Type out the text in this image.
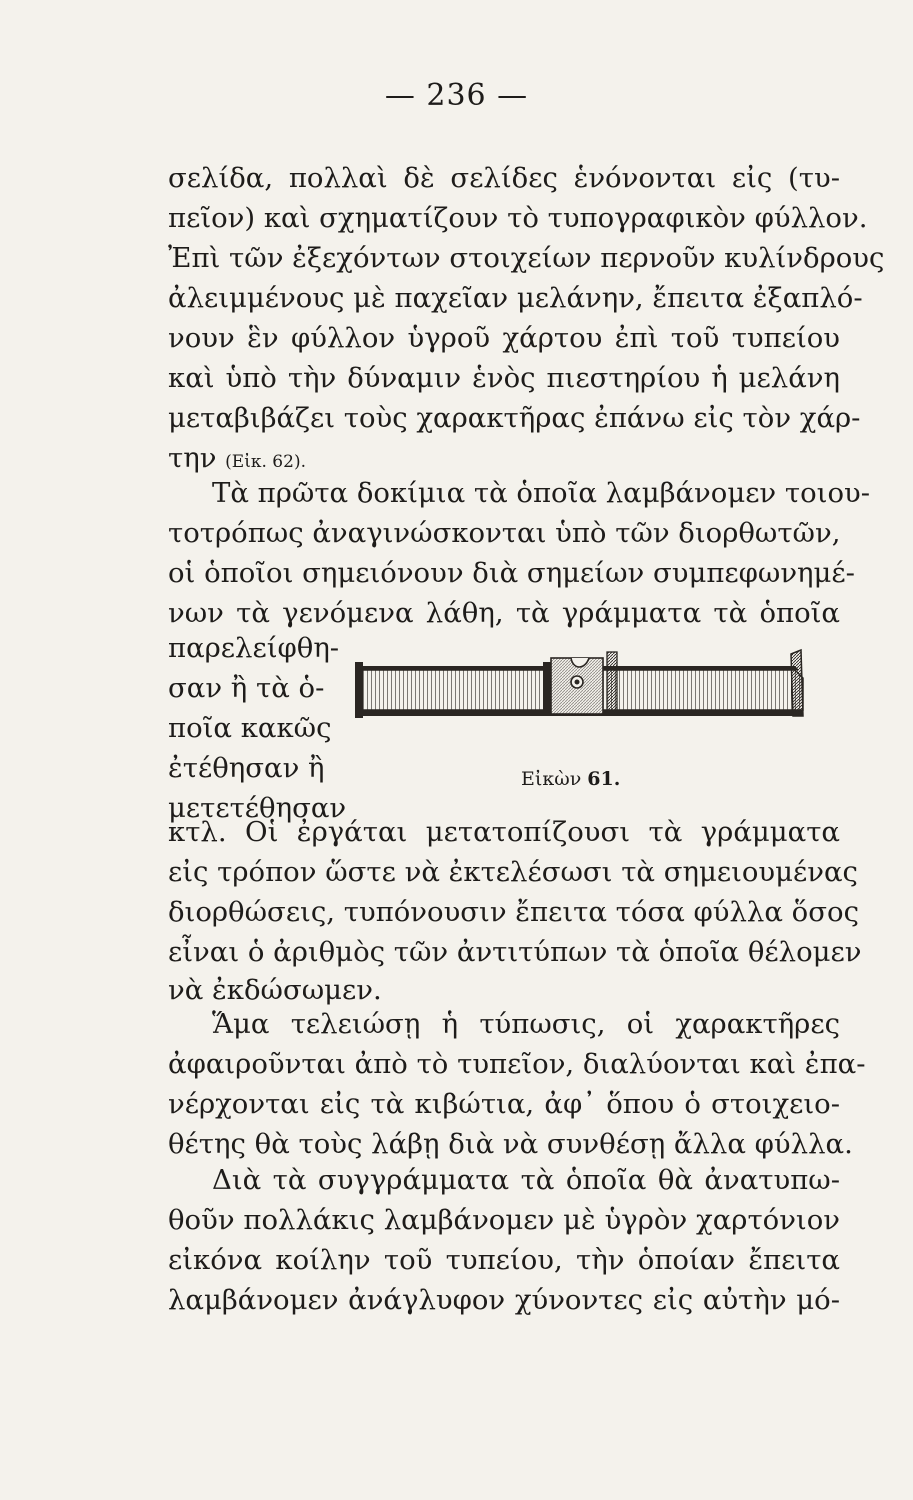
— 236 —
σελίδα, πολλαὶ δὲ σελίδες ἑνόνονται εἰς (τυ-
πεῖον) καὶ σχηματίζουν τὸ τυπογραφικὸν φύλλον.
Ἐπὶ τῶν ἐξεχόντων στοιχείων περνοῦν κυλίνδρους
ἀλειμμένους μὲ παχεῖαν μελάνην, ἔπειτα ἐξαπλό-
νουν ἓν φύλλον ὑγροῦ χάρτου ἐπὶ τοῦ τυπείου
καὶ ὑπὸ τὴν δύναμιν ἑνὸς πιεστηρίου ἡ μελάνη
μεταβιβάζει τοὺς χαρακτῆρας ἐπάνω εἰς τὸν χάρ-
την (Εἰκ. 62).
Τὰ πρῶτα δοκίμια τὰ ὁποῖα λαμβάνομεν τοιου-
τοτρόπως ἀναγινώσκονται ὑπὸ τῶν διορθωτῶν,
οἱ ὁποῖοι σημειόνουν διὰ σημείων συμπεφωνημέ-
νων τὰ γενόμενα λάθη, τὰ γράμματα τὰ ὁποῖα
παρελείφθη-
σαν ἢ τὰ ὁ-
ποῖα κακῶς
ἐτέθησαν ἢ
μετετέθησαν
Εἰκὼν 61.
κτλ. Οἱ ἐργάται μετατοπίζουσι τὰ γράμματα
εἰς τρόπον ὥστε νὰ ἐκτελέσωσι τὰ σημειουμένας
διορθώσεις, τυπόνουσιν ἔπειτα τόσα φύλλα ὅσος
εἶναι ὁ ἀριθμὸς τῶν ἀντιτύπων τὰ ὁποῖα θέλομεν
νὰ ἐκδώσωμεν.
Ἅμα τελειώσῃ ἡ τύπωσις, οἱ χαρακτῆρες
ἀφαιροῦνται ἀπὸ τὸ τυπεῖον, διαλύονται καὶ ἐπα-
νέρχονται εἰς τὰ κιβώτια, ἀφ᾽ ὅπου ὁ στοιχειο-
θέτης θὰ τοὺς λάβῃ διὰ νὰ συνθέσῃ ἄλλα φύλλα.
Διὰ τὰ συγγράμματα τὰ ὁποῖα θὰ ἀνατυπω-
θοῦν πολλάκις λαμβάνομεν μὲ ὑγρὸν χαρτόνιον
εἰκόνα κοίλην τοῦ τυπείου, τὴν ὁποίαν ἔπειτα
λαμβάνομεν ἀνάγλυφον χύνοντες εἰς αὐτὴν μό-
